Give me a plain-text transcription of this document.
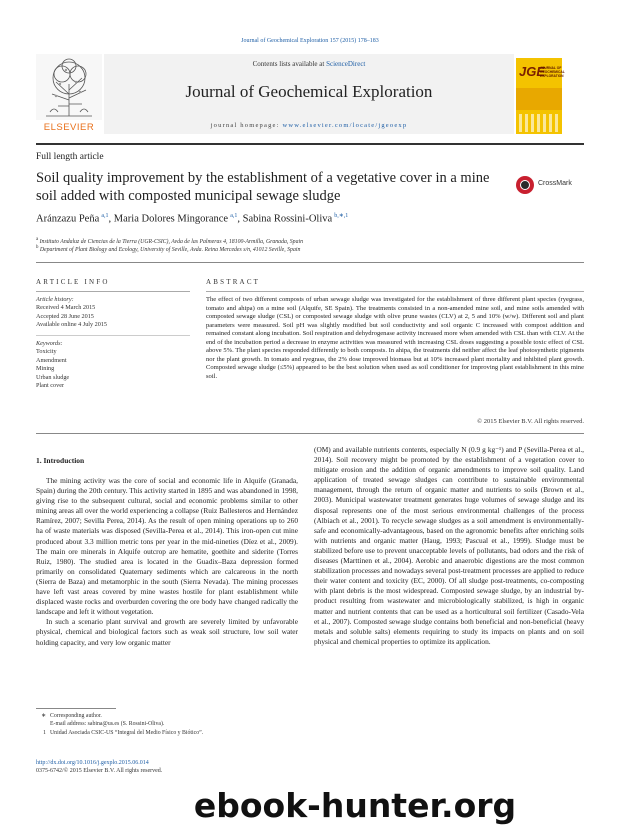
Journal of Geochemical Exploration 157 (2015) 178–183
Contents lists available at ScienceDirect
Journal of Geochemical Exploration
journal homepage: www.elsevier.com/locate/jgeoexp
ELSEVIER
JGE
JOURNAL OF GEOCHEMICAL EXPLORATION
Full length article
Soil quality improvement by the establishment of a vegetative cover in a mine soil added with composted municipal sewage sludge
CrossMark
Aránzazu Peña  $^{a,1}$, Maria Dolores Mingorance  $^{a,1}$, Sabina Rossini-Oliva  $^{b,∗,1}$
$^a$ Instituto Andaluz de Ciencias de la Tierra (UGR-CSIC), Avda de las Palmeras 4, 18100-Armilla, Granada, Spain
$^b$ Department of Plant Biology and Ecology, University of Seville, Avda. Reina Mercedes s/n, 41012 Seville, Spain
ARTICLE INFO
Article history:
Received 4 March 2015
Accepted 28 June 2015
Available online 4 July 2015
Keywords:
Toxicity
Amendment
Mining
Urban sludge
Plant cover
ABSTRACT
The effect of two different composts of urban sewage sludge was investigated for the establishment of three different plant species (ryegrass, tomato and ahipa) on a mine soil (Alquife, SE Spain). The treatments consisted in a non-amended mine soil, and mine soils amended with composted sewage sludge (CSL) or composted sewage sludge with olive prune wastes (CLV) at 2, 5 and 10% (w/w). Different soil and plant parameters were measured. Soil pH was slightly modified but soil conductivity and soil organic C increased with compost addition and remained constant along incubation. Soil respiration and dehydrogenase activity increased more when amended with CSL than with CLV. At the end of the incubation period a decrease in enzyme activities was measured with increasing CSL doses suggesting a possible toxic effect of CSL above 5%. The plant species responded differently to both composts. In ahipa, the treatments did neither affect the leaf photosynthetic pigments nor the plant growth. In tomato and ryegrass, the 2% dose improved biomass but at 10% increased plant mortality and inhibited plant growth. Composted sewage sludge (≤5%) appeared to be the best solution when used as soil conditioner for improving plant establishment in this mine soil.
© 2015 Elsevier B.V. All rights reserved.
1. Introduction

The mining activity was the core of social and economic life in Alquife (Granada, Spain) during the 20th century. This activity started in 1895 and was abandoned in 1998, giving rise to the subsequent cultural, social and economic problems similar to other mining areas all over the world experiencing a collapse (Ruiz Ballesteros and Hernández Ramírez, 2007; Sevilla Perea, 2014). As the result of open mining operations up to 260 ha of waste materials was disposed (Sevilla-Perea et al., 2014). This iron-open cut mine produced about 3.3 million metric tons per year in the mid-nineties (Díez et al., 2009). The main ore minerals in Alquife outcrop are hematite, goethite and siderite (Torres Ruiz, 1980). The studied area is located in the Guadix–Baza depression formed primarily on consolidated Quaternary sediments which are calcareous in the north (Sierra de Baza) and metamorphic in the south (Sierra Nevada). The mining processes have left vast areas covered by mine wastes hostile for plant establishment while displaced waste rocks and overburden covering the ore body have changed radically the landscape and left it without vegetation.

In such a scenario plant survival and growth are severely limited by unfavorable physical, chemical and biological factors such as weak soil structure, low soil water holding capacity, and very low organic matter

(OM) and available nutrients contents, especially N (0.9 g kg⁻¹) and P (Sevilla-Perea et al., 2014). Soil recovery might be promoted by the establishment of a vegetation cover to mitigate erosion and the addition of organic amendments to improve soil quality. Land application of treated sewage sludges can contribute to sustainable environmental management, through the return of organic matter and nutrients to soils (Brown et al., 2003). Municipal wastewater treatment generates huge volumes of sewage sludge and its disposal represents one of the most serious environmental challenges of the process (Albiach et al., 2001). To recycle sewage sludges as a soil amendment is environmentally-safe and economically-advantageous, based on the agronomic benefits after enriching soils with nutrients and organic matter (Haug, 1993; Pascual et al., 1999). Sludge must be stabilized before use to prevent unacceptable levels of pollutants, bad odors and the risk of diseases (Marttinen et al., 2004). Aerobic and anaerobic digestions are the most common stabilization processes and nowadays several post-treatment processes are applied to reduce their water content and toxicity (EC, 2000). Of all sludge post-treatments, co-composting with plant debris is the most widespread. Composted sewage sludge, by an industrial by-product resulting from wastewater and microbiologically stabilized, is high in organic matter and nutrient contents that can be used as a horticultural soil fertilizer (Casado-Vela et al., 2007). Composted sewage sludge contains both beneficial and non-beneficial (heavy metals and soluble salts) elements requiring to study its impacts on plants and on soil physical and chemical properties to optimize its application.

∗ Corresponding author.
E-mail address: sabina@us.es (S. Rossini-Oliva).
1 Unidad Asociada CSIC-US “Integral del Medio Físico y Biótico”.
http://dx.doi.org/10.1016/j.gexplo.2015.06.014
0375-6742/© 2015 Elsevier B.V. All rights reserved.
ebook-hunter.org
